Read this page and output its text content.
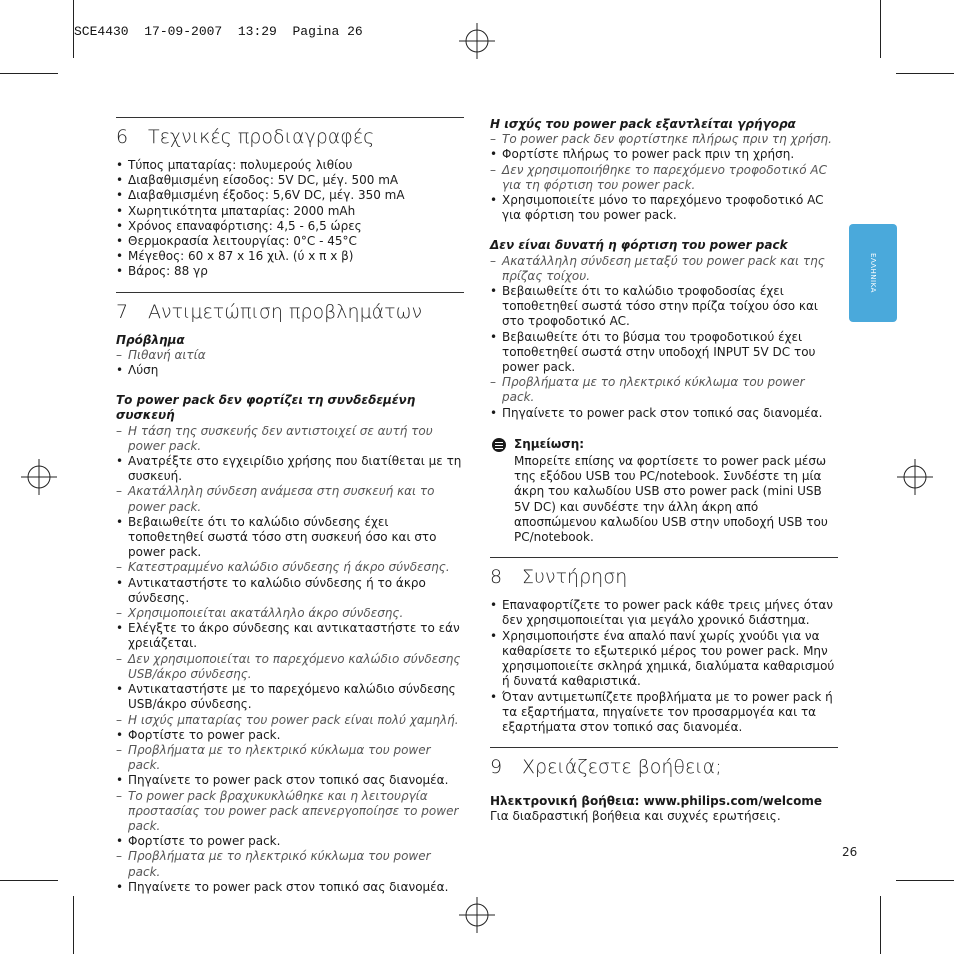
SCE4430 17-09-2007 13:29 Pagina 26
ΕΛΛΗΝΙΚΑ
6	Τεχνικές προδιαγραφές
• Τύπος μπαταρίας: πολυμερούς λιθίου
• Διαβαθμισμένη είσοδος: 5V DC, μέγ. 500 mA
• Διαβαθμισμένη έξοδος: 5,6V DC, μέγ. 350 mA
• Χωρητικότητα μπαταρίας: 2000 mAh
• Χρόνος επαναφόρτισης: 4,5 - 6,5 ώρες
• Θερμοκρασία λειτουργίας: 0°C - 45°C
• Μέγεθος: 60 x 87 x 16 χιλ. (ύ x π x β)
• Βάρος: 88 γρ
7	Αντιμετώπιση προβλημάτων
Πρόβλημα
– Πιθανή αιτία
• Λύση
Το power pack δεν φορτίζει τη συνδεδεμένη συσκευή
– Η τάση της συσκευής δεν αντιστοιχεί σε αυτή του power pack.
• Ανατρέξτε στο εγχειρίδιο χρήσης που διατίθεται με τη συσκευή.
– Ακατάλληλη σύνδεση ανάμεσα στη συσκευή και το power pack.
• Βεβαιωθείτε ότι το καλώδιο σύνδεσης έχει τοποθετηθεί σωστά τόσο στη συσκευή όσο και στο power pack.
– Κατεστραμμένο καλώδιο σύνδεσης ή άκρο σύνδεσης.
• Αντικαταστήστε το καλώδιο σύνδεσης ή το άκρο σύνδεσης.
– Χρησιμοποιείται ακατάλληλο άκρο σύνδεσης.
• Ελέγξτε το άκρο σύνδεσης και αντικαταστήστε το εάν χρειάζεται.
– Δεν χρησιμοποιείται το παρεχόμενο καλώδιο σύνδεσης USB/άκρο σύνδεσης.
• Αντικαταστήστε με το παρεχόμενο καλώδιο σύνδεσης USB/άκρο σύνδεσης.
– Η ισχύς μπαταρίας του power pack είναι πολύ χαμηλή.
• Φορτίστε το power pack.
– Προβλήματα με το ηλεκτρικό κύκλωμα του power pack.
• Πηγαίνετε το power pack στον τοπικό σας διανομέα.
– Το power pack βραχυκυκλώθηκε και η λειτουργία προστασίας του power pack απενεργοποίησε το power pack.
• Φορτίστε το power pack.
– Προβλήματα με το ηλεκτρικό κύκλωμα του power pack.
• Πηγαίνετε το power pack στον τοπικό σας διανομέα.
Η ισχύς του power pack εξαντλείται γρήγορα
– Το power pack δεν φορτίστηκε πλήρως πριν τη χρήση.
• Φορτίστε πλήρως το power pack πριν τη χρήση.
– Δεν χρησιμοποιήθηκε το παρεχόμενο τροφοδοτικό AC για τη φόρτιση του power pack.
• Χρησιμοποιείτε μόνο το παρεχόμενο τροφοδοτικό AC για φόρτιση του power pack.
Δεν είναι δυνατή η φόρτιση του power pack
– Ακατάλληλη σύνδεση μεταξύ του power pack και της πρίζας τοίχου.
• Βεβαιωθείτε ότι το καλώδιο τροφοδοσίας έχει τοποθετηθεί σωστά τόσο στην πρίζα τοίχου όσο και στο τροφοδοτικό AC.
• Βεβαιωθείτε ότι το βύσμα του τροφοδοτικού έχει τοποθετηθεί σωστά στην υποδοχή INPUT 5V DC του power pack.
– Προβλήματα με το ηλεκτρικό κύκλωμα του power pack.
• Πηγαίνετε το power pack στον τοπικό σας διανομέα.
Σημείωση:
Μπορείτε επίσης να φορτίσετε το power pack μέσω της εξόδου USB του PC/notebook. Συνδέστε τη μία άκρη του καλωδίου USB στο power pack (mini USB 5V DC) και συνδέστε την άλλη άκρη από αποσπώμενου καλωδίου USB στην υποδοχή USB του PC/notebook.
8	Συντήρηση
• Επαναφορτίζετε το power pack κάθε τρεις μήνες όταν δεν χρησιμοποιείται για μεγάλο χρονικό διάστημα.
• Χρησιμοποιήστε ένα απαλό πανί χωρίς χνούδι για να καθαρίσετε το εξωτερικό μέρος του power pack. Μην χρησιμοποιείτε σκληρά χημικά, διαλύματα καθαρισμού ή δυνατά καθαριστικά.
• Όταν αντιμετωπίζετε προβλήματα με το power pack ή τα εξαρτήματα, πηγαίνετε τον προσαρμογέα και τα εξαρτήματα στον τοπικό σας διανομέα.
9	Χρειάζεστε βοήθεια;
Ηλεκτρονική βοήθεια: www.philips.com/welcome
Για διαδραστική βοήθεια και συχνές ερωτήσεις.
26
